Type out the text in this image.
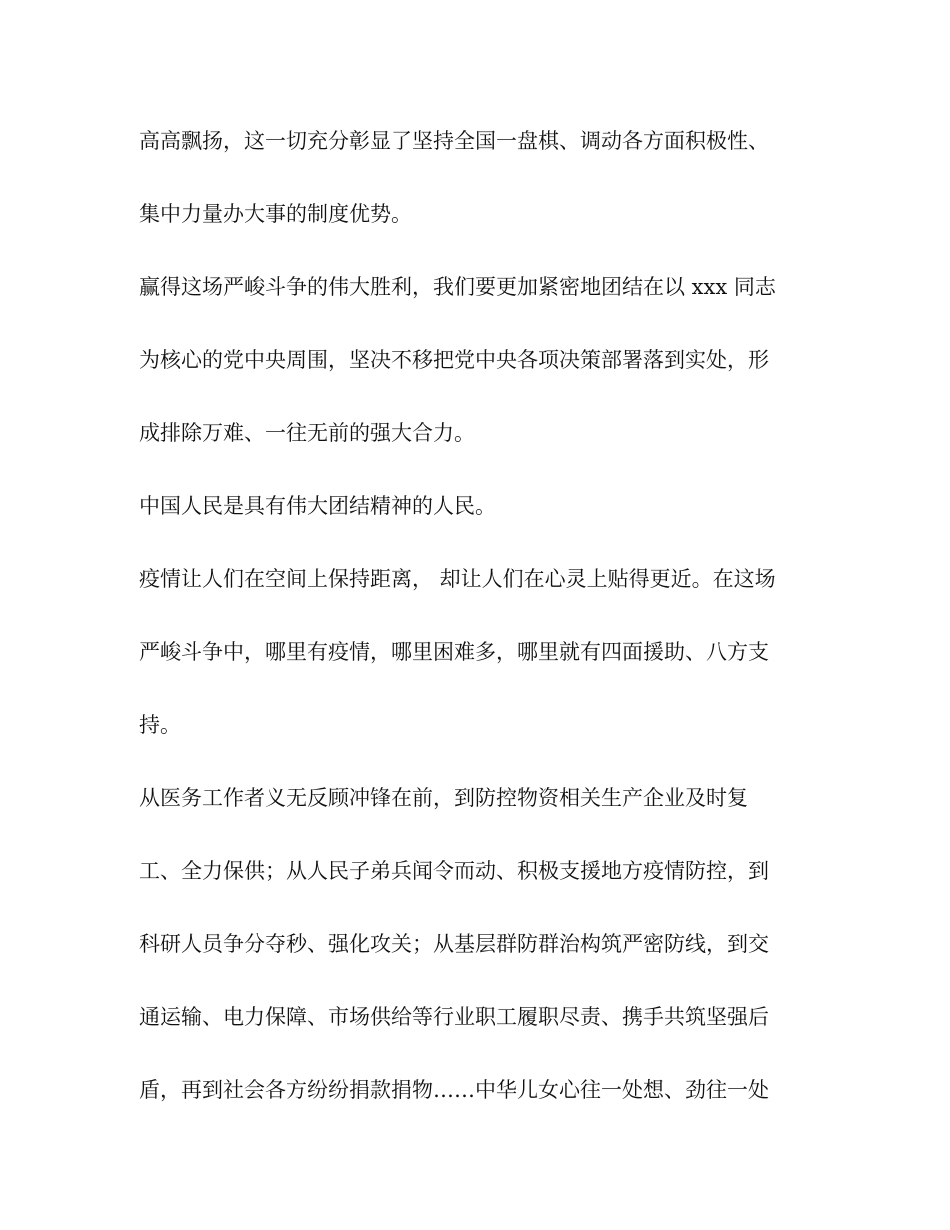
高高飘扬，这一切充分彰显了坚持全国一盘棋、调动各方面积极性、

集中力量办大事的制度优势。

赢得这场严峻斗争的伟大胜利，我们要更加紧密地团结在以 xxx 同志

为核心的党中央周围，坚决不移把党中央各项决策部署落到实处，形

成排除万难、一往无前的强大合力。

中国人民是具有伟大团结精神的人民。

疫情让人们在空间上保持距离， 却让人们在心灵上贴得更近。在这场

严峻斗争中，哪里有疫情，哪里困难多，哪里就有四面援助、八方支

持。

从医务工作者义无反顾冲锋在前，到防控物资相关生产企业及时复

工、全力保供；从人民子弟兵闻令而动、积极支援地方疫情防控，到

科研人员争分夺秒、强化攻关；从基层群防群治构筑严密防线，到交

通运输、电力保障、市场供给等行业职工履职尽责、携手共筑坚强后

盾，再到社会各方纷纷捐款捐物……中华儿女心往一处想、劲往一处
